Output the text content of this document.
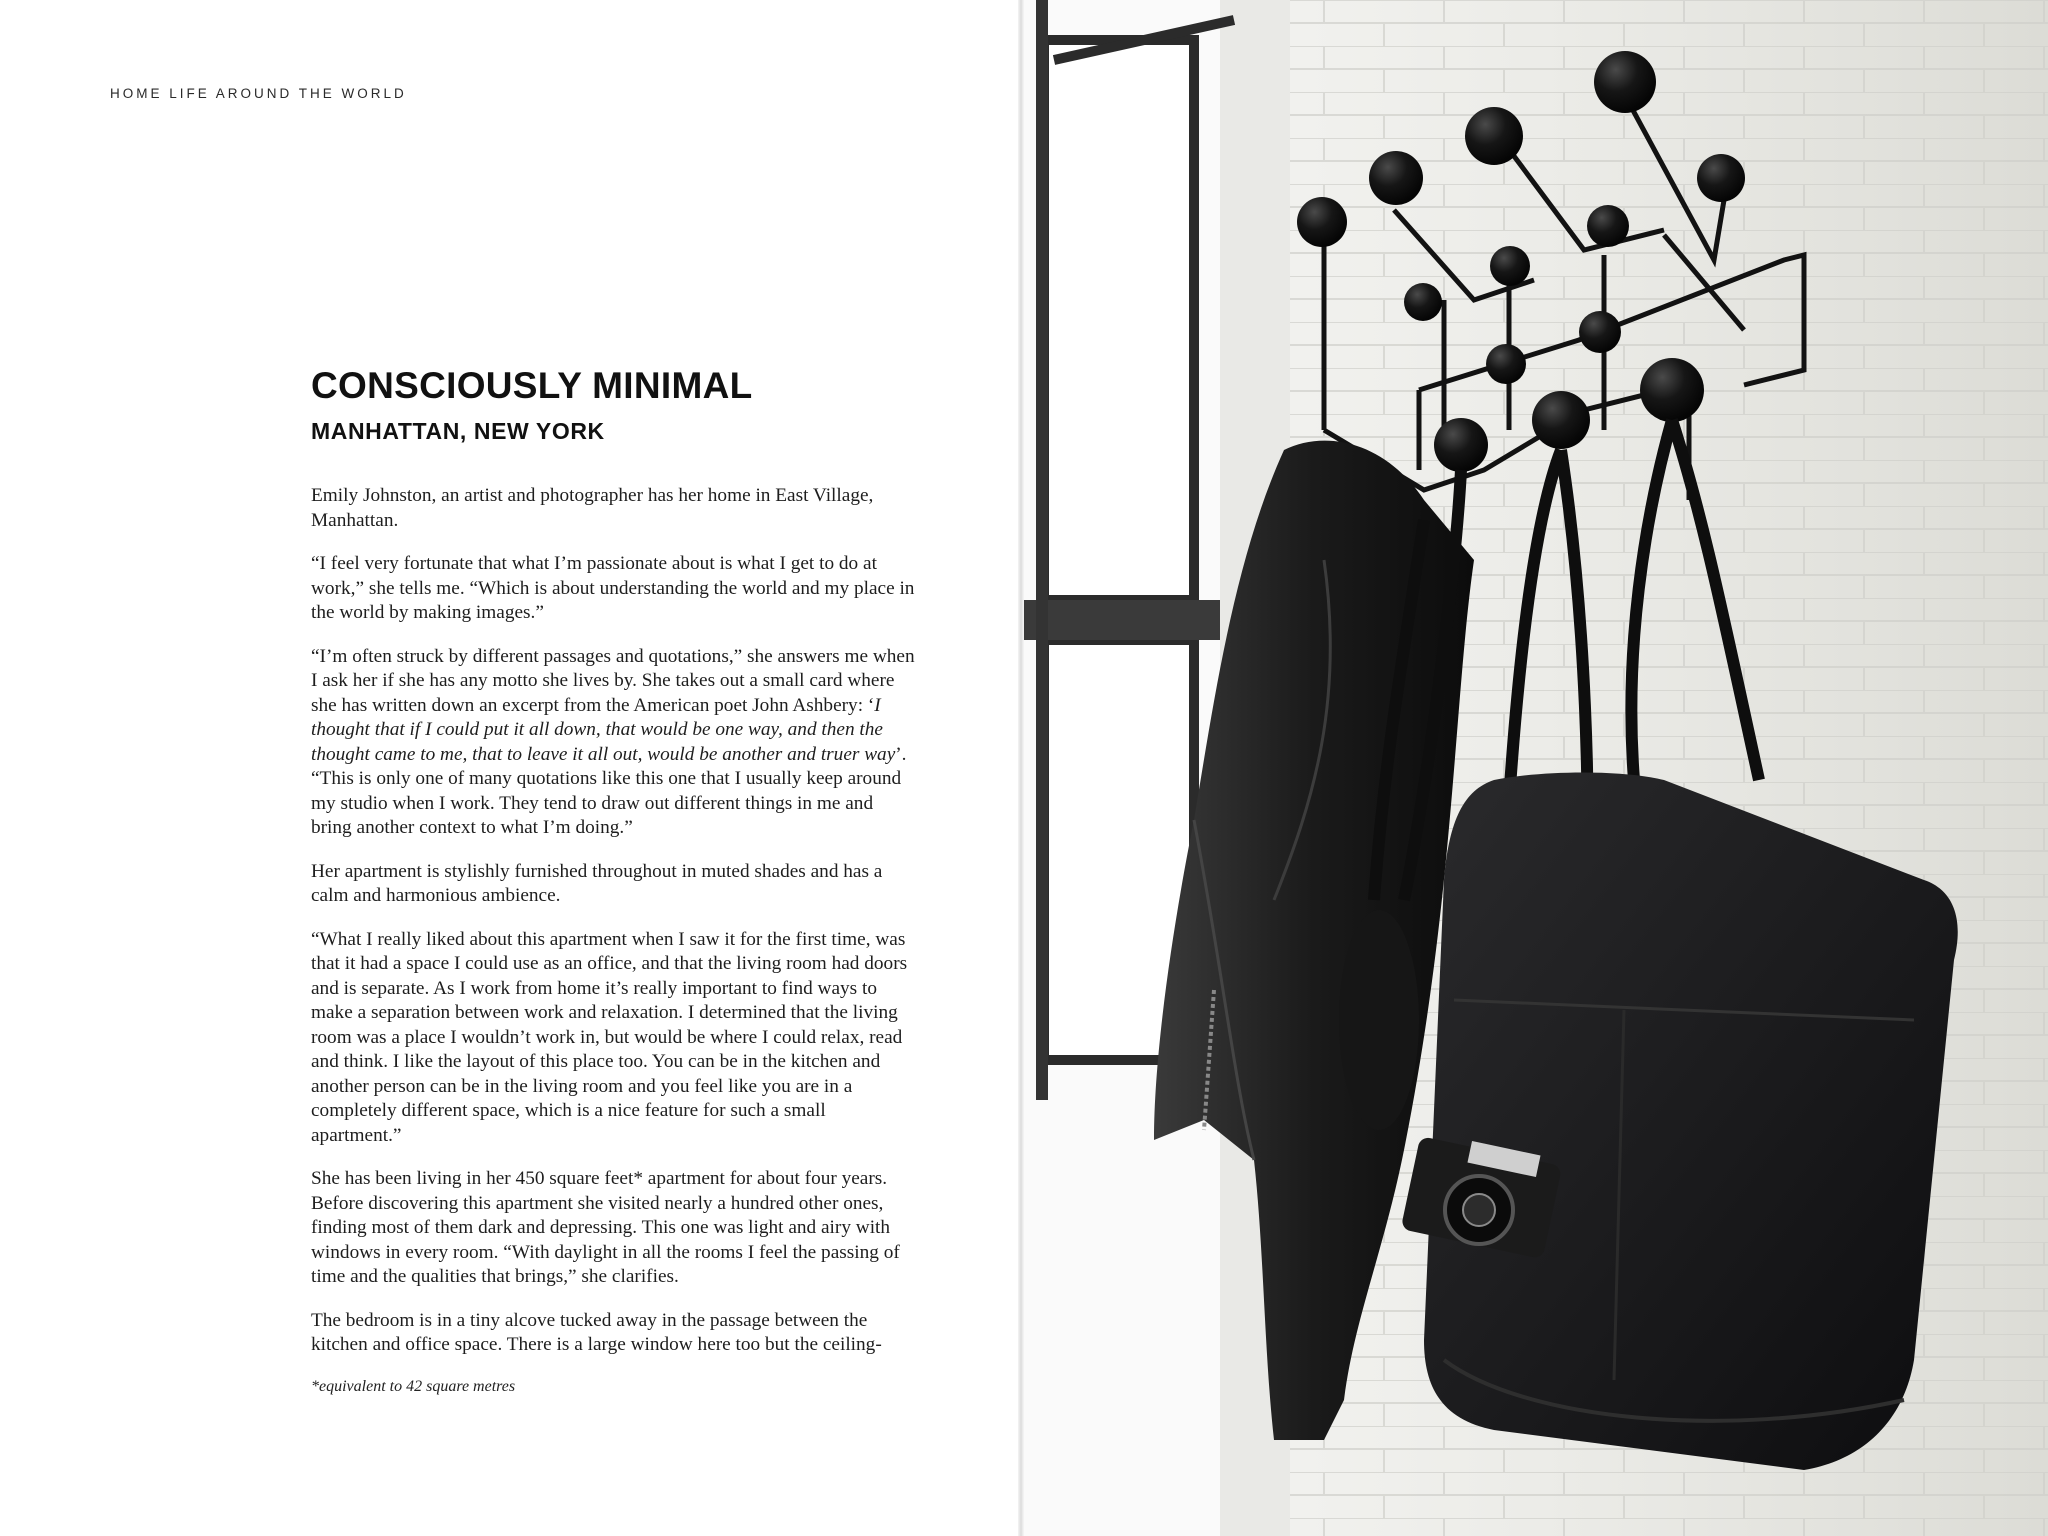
HOME LIFE AROUND THE WORLD
CONSCIOUSLY MINIMAL
MANHATTAN, NEW YORK

Emily Johnston, an artist and photographer has her home in East Village, Manhattan.

“I feel very fortunate that what I’m passionate about is what I get to do at work,” she tells me. “Which is about understanding the world and my place in the world by making images.”

“I’m often struck by different passages and quotations,” she answers me when I ask her if she has any motto she lives by. She takes out a small card where she has written down an excerpt from the American poet John Ashbery: ‘I thought that if I could put it all down, that would be one way, and then the thought came to me, that to leave it all out, would be another and truer way’. “This is only one of many quotations like this one that I usually keep around my studio when I work. They tend to draw out different things in me and bring another context to what I’m doing.”

Her apartment is stylishly furnished throughout in muted shades and has a calm and harmonious ambience.

“What I really liked about this apartment when I saw it for the first time, was that it had a space I could use as an office, and that the living room had doors and is separate. As I work from home it’s really important to find ways to make a separation between work and relaxation. I determined that the living room was a place I wouldn’t work in, but would be where I could relax, read and think. I like the layout of this place too. You can be in the kitchen and another person can be in the living room and you feel like you are in a completely different space, which is a nice feature for such a small apartment.”

She has been living in her 450 square feet* apartment for about four years. Before discovering this apartment she visited nearly a hundred other ones, finding most of them dark and depressing. This one was light and airy with windows in every room. “With daylight in all the rooms I feel the passing of time and the qualities that brings,” she clarifies.

The bedroom is in a tiny alcove tucked away in the passage between the kitchen and office space. There is a large window here too but the ceiling-

*equivalent to 42 square metres
